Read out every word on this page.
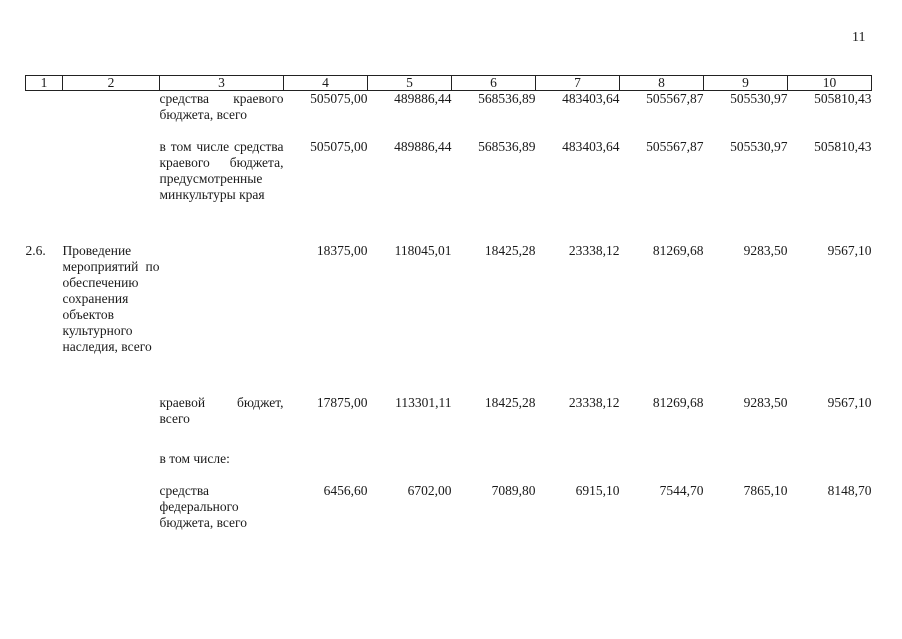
11
1	2	3	4	5	6	7	8	9	10
		средства краевого бюджета, всего	505075,00	489886,44	568536,89	483403,64	505567,87	505530,97	505810,43
		в том числе средства краевого бюджета, предусмотренные минкультуры края	505075,00	489886,44	568536,89	483403,64	505567,87	505530,97	505810,43
2.6.	Проведение мероприятий по обеспечению сохранения объектов культурного наследия, всего		18375,00	118045,01	18425,28	23338,12	81269,68	9283,50	9567,10
		краевой бюджет, всего	17875,00	113301,11	18425,28	23338,12	81269,68	9283,50	9567,10
		в том числе:							
		средства федерального бюджета, всего	6456,60	6702,00	7089,80	6915,10	7544,70	7865,10	8148,70
